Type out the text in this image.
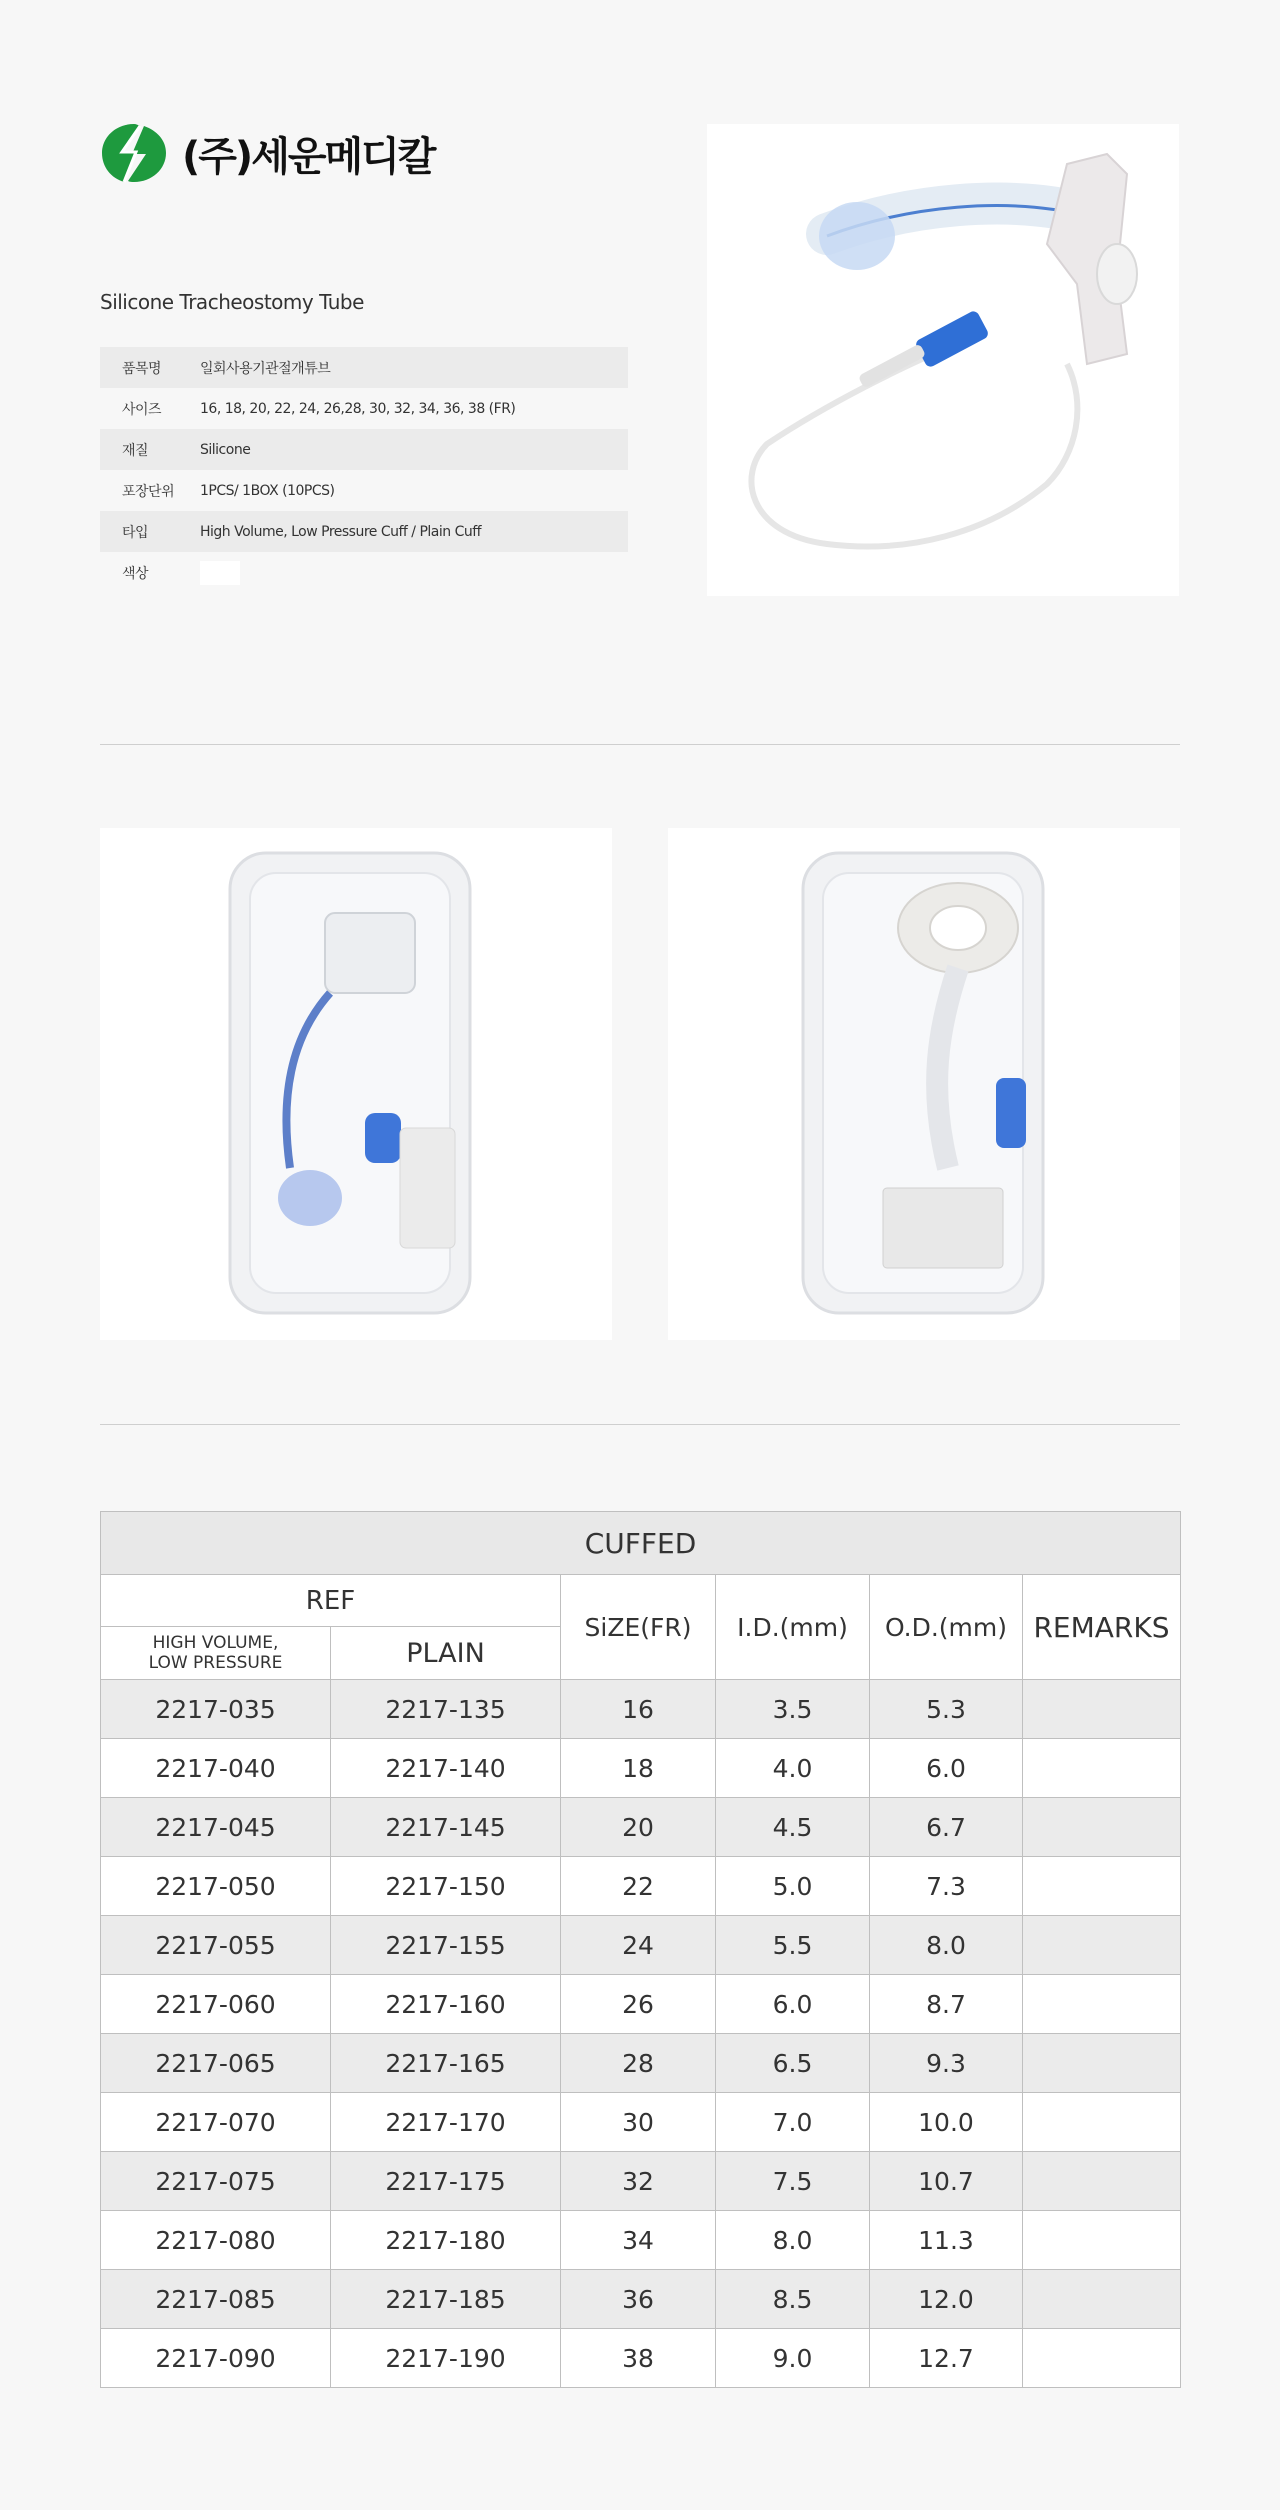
(주)세운메디칼
Silicone Tracheostomy Tube
품목명	일회사용기관절개튜브
사이즈	16, 18, 20, 22, 24, 26,28, 30, 32, 34, 36, 38 (FR)
재질	Silicone
포장단위	1PCS/ 1BOX (10PCS)
타입	High Volume, Low Pressure Cuff / Plain Cuff
색상	
CUFFED					
REF		SiZE(FR)	I.D.(mm)	O.D.(mm)	REMARKS

HIGH VOLUME,
LOW PRESSURE	PLAIN				
2217-035	2217-135	16	3.5	5.3	
2217-040	2217-140	18	4.0	6.0	
2217-045	2217-145	20	4.5	6.7	
2217-050	2217-150	22	5.0	7.3	
2217-055	2217-155	24	5.5	8.0	
2217-060	2217-160	26	6.0	8.7	
2217-065	2217-165	28	6.5	9.3	
2217-070	2217-170	30	7.0	10.0	
2217-075	2217-175	32	7.5	10.7	
2217-080	2217-180	34	8.0	11.3	
2217-085	2217-185	36	8.5	12.0	
2217-090	2217-190	38	9.0	12.7	
